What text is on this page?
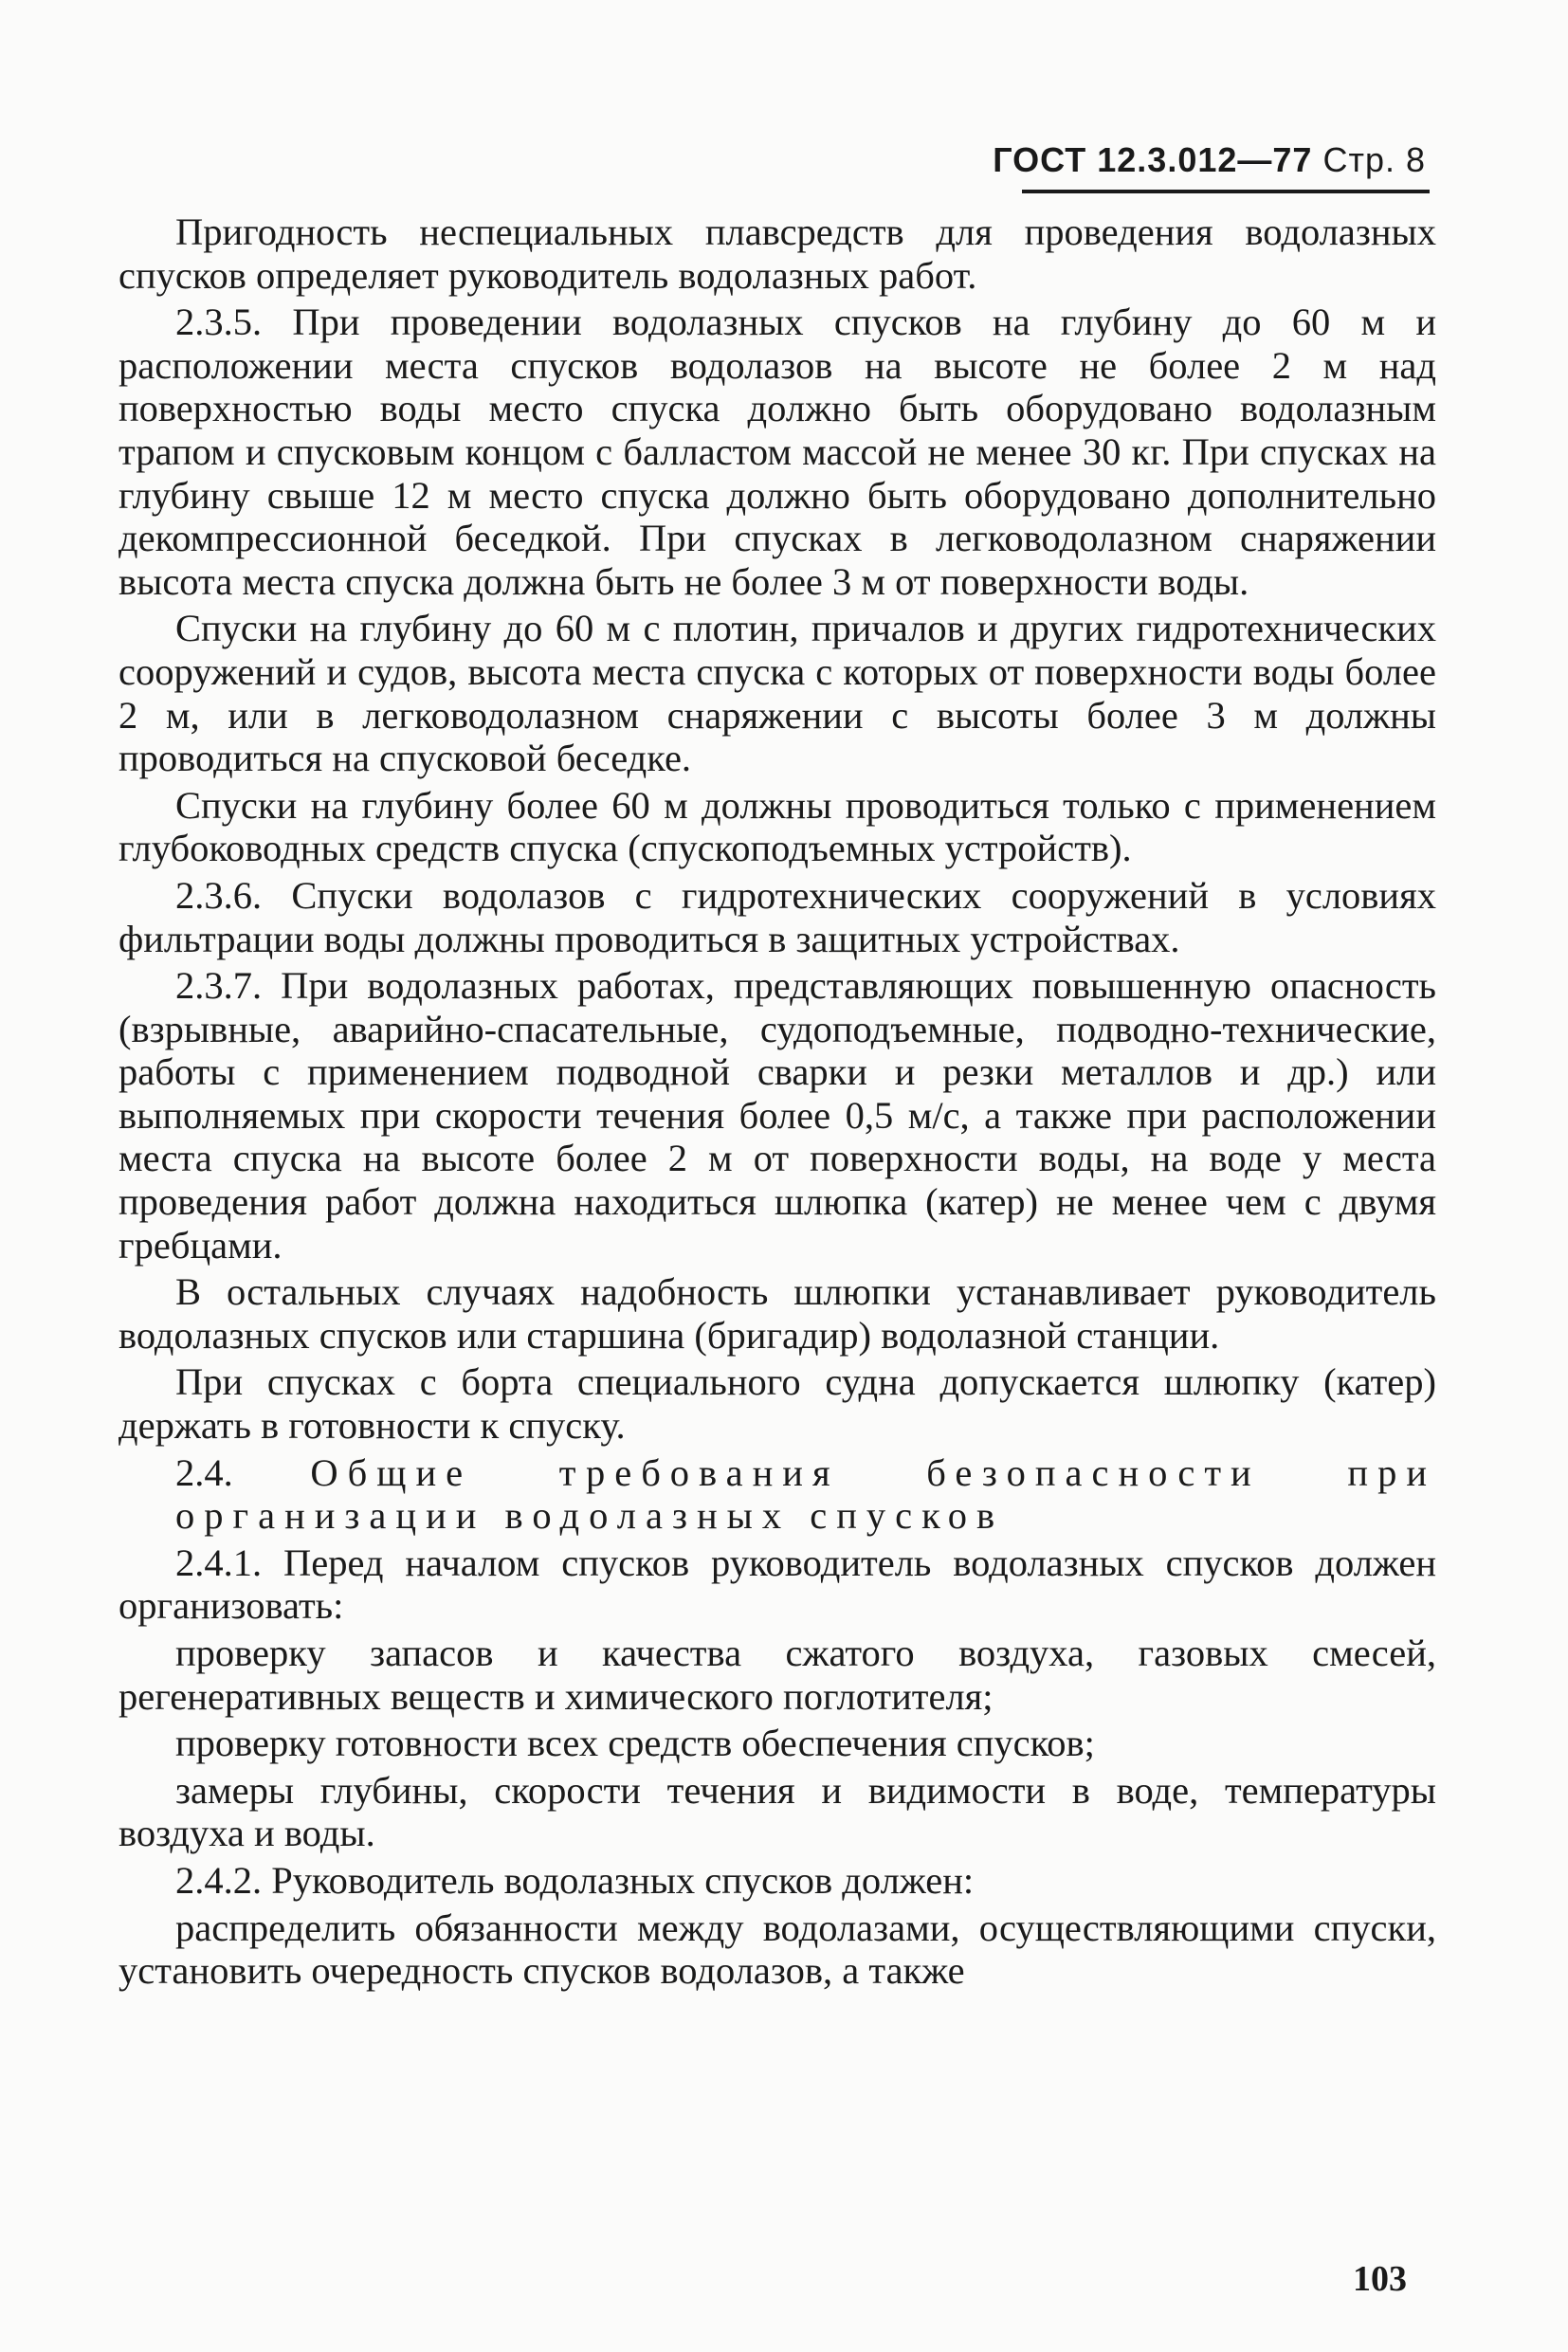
ГОСТ 12.3.012—77 Стр. 8

Пригодность неспециальных плавсредств для проведения водолазных спусков определяет руководитель водолазных работ.

2.3.5. При проведении водолазных спусков на глубину до 60 м и расположении места спусков водолазов на высоте не более 2 м над поверхностью воды место спуска должно быть оборудовано водолазным трапом и спусковым концом с балластом массой не менее 30 кг. При спусках на глубину свыше 12 м место спуска должно быть оборудовано дополнительно декомпрессионной беседкой. При спусках в легководолазном снаряжении высота места спуска должна быть не более 3 м от поверхности воды.

Спуски на глубину до 60 м с плотин, причалов и других гидротехнических сооружений и судов, высота места спуска с которых от поверхности воды более 2 м, или в легководолазном снаряжении с высоты более 3 м должны проводиться на спусковой беседке.

Спуски на глубину более 60 м должны проводиться только с применением глубоководных средств спуска (спускоподъемных устройств).

2.3.6. Спуски водолазов с гидротехнических сооружений в условиях фильтрации воды должны проводиться в защитных устройствах.

2.3.7. При водолазных работах, представляющих повышенную опасность (взрывные, аварийно-спасательные, судоподъемные, подводно-технические, работы с применением подводной сварки и резки металлов и др.) или выполняемых при скорости течения более 0,5 м/с, а также при расположении места спуска на высоте более 2 м от поверхности воды, на воде у места проведения работ должна находиться шлюпка (катер) не менее чем с двумя гребцами.

В остальных случаях надобность шлюпки устанавливает руководитель водолазных спусков или старшина (бригадир) водолазной станции.

При спусках с борта специального судна допускается шлюпку (катер) держать в готовности к спуску.

2.4. Общие требования безопасности при

организации водолазных спусков

2.4.1. Перед началом спусков руководитель водолазных спусков должен организовать:

проверку запасов и качества сжатого воздуха, газовых смесей, регенеративных веществ и химического поглотителя;

проверку готовности всех средств обеспечения спусков;

замеры глубины, скорости течения и видимости в воде, температуры воздуха и воды.

2.4.2. Руководитель водолазных спусков должен:

распределить обязанности между водолазами, осуществляющими спуски, установить очередность спусков водолазов, а также

103
